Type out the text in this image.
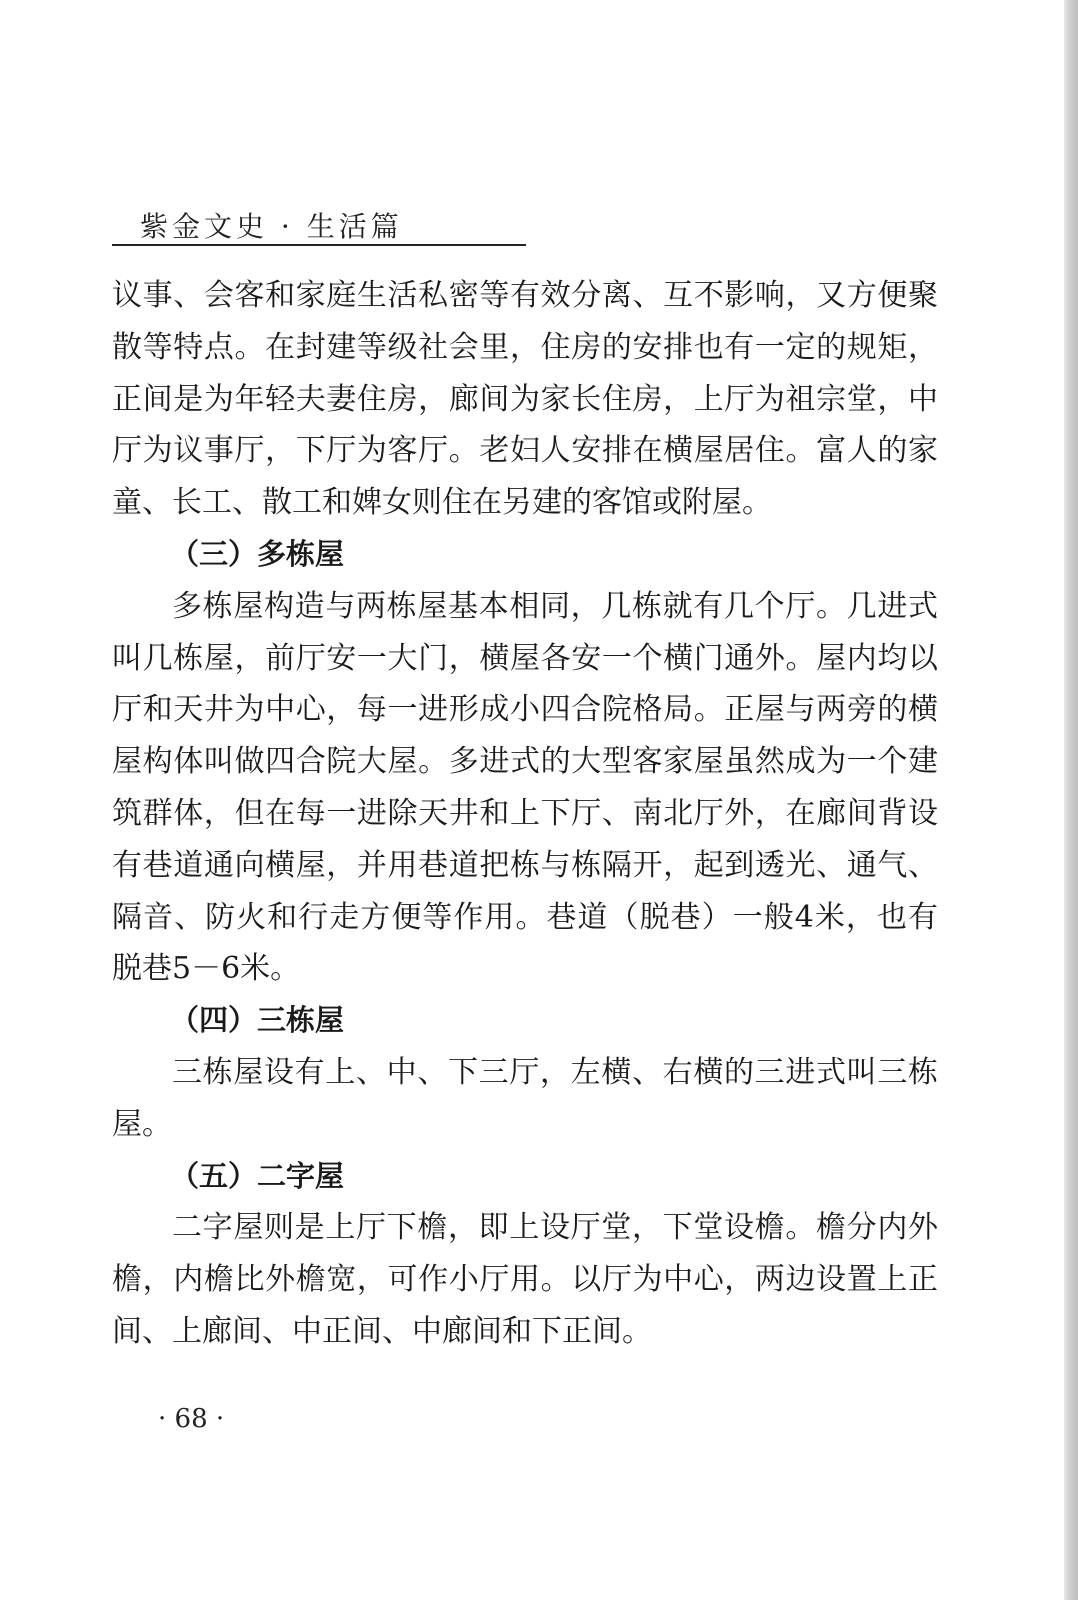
紫金文史 · 生活篇

议事、会客和家庭生活私密等有效分离、互不影响，又方便聚散等特点。在封建等级社会里，住房的安排也有一定的规矩，正间是为年轻夫妻住房，廊间为家长住房，上厅为祖宗堂，中厅为议事厅，下厅为客厅。老妇人安排在横屋居住。富人的家童、长工、散工和婢女则住在另建的客馆或附屋。

（三）多栋屋

多栋屋构造与两栋屋基本相同，几栋就有几个厅。几进式叫几栋屋，前厅安一大门，横屋各安一个横门通外。屋内均以厅和天井为中心，每一进形成小四合院格局。正屋与两旁的横屋构体叫做四合院大屋。多进式的大型客家屋虽然成为一个建筑群体，但在每一进除天井和上下厅、南北厅外，在廊间背设有巷道通向横屋，并用巷道把栋与栋隔开，起到透光、通气、隔音、防火和行走方便等作用。巷道（脱巷）一般4米，也有脱巷5－6米。

（四）三栋屋

三栋屋设有上、中、下三厅，左横、右横的三进式叫三栋屋。

（五）二字屋

二字屋则是上厅下檐，即上设厅堂，下堂设檐。檐分内外檐，内檐比外檐宽，可作小厅用。以厅为中心，两边设置上正间、上廊间、中正间、中廊间和下正间。

· 68 ·
